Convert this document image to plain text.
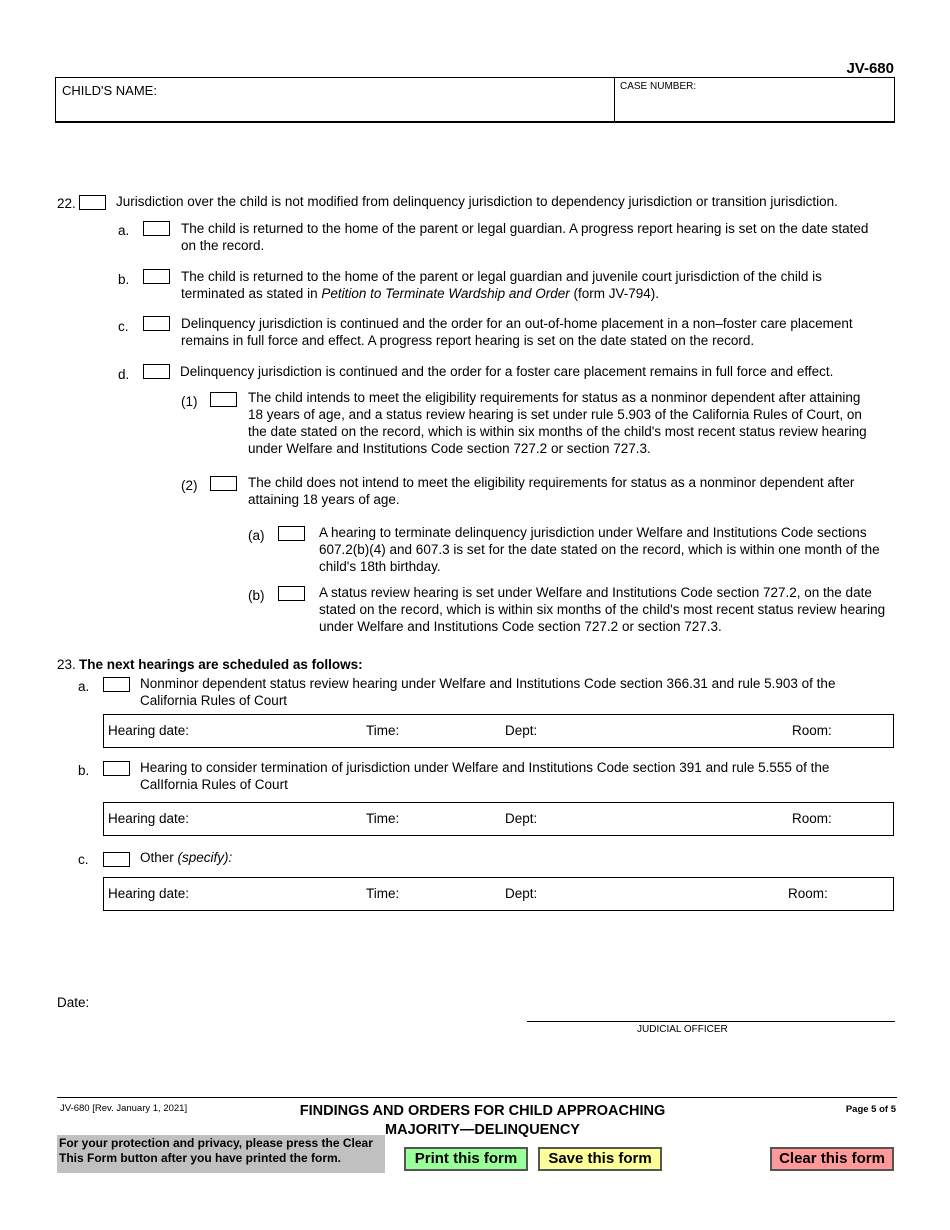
JV-680
CHILD'S NAME:	CASE NUMBER:
22.	Jurisdiction over the child is not modified from delinquency jurisdiction to dependency jurisdiction or transition jurisdiction.
a.	The child is returned to the home of the parent or legal guardian. A progress report hearing is set on the date stated on the record.
b.	The child is returned to the home of the parent or legal guardian and juvenile court jurisdiction of the child is terminated as stated in Petition to Terminate Wardship and Order (form JV-794).
c.	Delinquency jurisdiction is continued and the order for an out-of-home placement in a non–foster care placement remains in full force and effect. A progress report hearing is set on the date stated on the record.
d.	Delinquency jurisdiction is continued and the order for a foster care placement remains in full force and effect.
(1)	The child intends to meet the eligibility requirements for status as a nonminor dependent after attaining 18 years of age, and a status review hearing is set under rule 5.903 of the California Rules of Court, on the date stated on the record, which is within six months of the child's most recent status review hearing under Welfare and Institutions Code section 727.2 or section 727.3.
(2)	The child does not intend to meet the eligibility requirements for status as a nonminor dependent after attaining 18 years of age.
(a)	A hearing to terminate delinquency jurisdiction under Welfare and Institutions Code sections 607.2(b)(4) and 607.3 is set for the date stated on the record, which is within one month of the child's 18th birthday.
(b)	A status review hearing is set under Welfare and Institutions Code section 727.2, on the date stated on the record, which is within six months of the child's most recent status review hearing under Welfare and Institutions Code section 727.2 or section 727.3.
23. The next hearings are scheduled as follows:
a.	Nonminor dependent status review hearing under Welfare and Institutions Code section 366.31 and rule 5.903 of the California Rules of Court
Hearing date:	Time:	Dept:	Room:
b.	Hearing to consider termination of jurisdiction under Welfare and Institutions Code section 391 and rule 5.555 of the CalIfornia Rules of Court
Hearing date:	Time:	Dept:	Room:
c.	Other (specify):
Hearing date:	Time:	Dept:	Room:
Date:
JUDICIAL OFFICER
JV-680 [Rev. January 1, 2021]	FINDINGS AND ORDERS FOR CHILD APPROACHING
MAJORITY—DELINQUENCY
Page 5 of 5
For your protection and privacy, please press the Clear This Form button after you have printed the form.	Print this form	Save this form	Clear this form
